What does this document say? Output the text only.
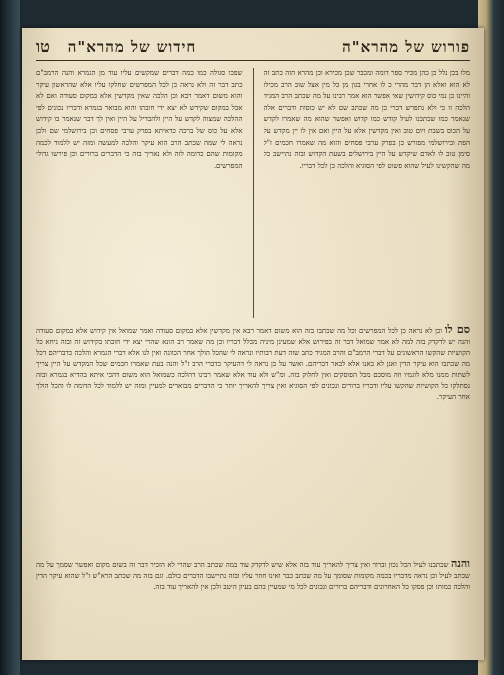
פורוש של מהרא"ה
חידוש של מהרא"ה
טו
מלו בכן נלל כן כהן מכיר ספר דומה ומכבר שכן מכירא וכן מהרא הזה כתב זה לא הוא ואלא הן דבר מהרי כ לו אחרי בגון מן כל מין אצל שוב הרב מכילו והיינו כן נמי כוס קידושין שאי אפשר הוא אמר רבינו על מה שכתב הרב המגיד הלכה זו כי ולא נתפרש דברי כן מה שכתב שם לא יש כוסות ודברים אלה שנאמר כמו שכתבנו לעיל קודש כמו קדוש ואפשר שהוא מה שאמרו לקדש על הכוס בשבת ויום טוב ואין מקדשין אלא על היין ואם אין לו יין מקדש על הפת ובירושלמי מפורש כן בפרק ערבי פסחים והוא מה שאמרו חכמים ז"ל סימן טוב לו לאדם שיקדש על היין בירושלים בשעת הקדוש ובזה נתיישב כל מה שהקשינו לעיל שהוא פשוט לפי הסוגיא והלכה כן לכל דבריו.
שפכו סגולה כמו כמה דברים שמקשים עליו עוד מן הגמרא והנה הרמב"ם כתב דבר זה ולא נראה כן לכל המפרשים שחלקו עליו אלא שהראשון עיקר והוא משום דאמר רבא וכן הלכה שאין מקדשין אלא במקום סעודה ואם לא אכל במקום שקידש לא יצא ידי חובתו והוא מבואר בגמרא ודבריו נכונים לפי ההלכה שמצוה לקדש על היין ולהבדיל על היין ואין לך דבר שנאמר בו קידוש אלא על כוס של ברכה כדאיתא בפרק ערבי פסחים וכן בירושלמי שם ולכן נראה לי שמה שכתב הרב הוא עיקר והלכה למעשה ומזה יש ללמוד לכמה מקומות שהם כדומה לזה ולא נאריך בזה כי הדברים ברורים וכן פירשו גדולי המפרשים.
סם לו וכן לא נראה כן לכל המפרשים וכל מה שכתבו בזה הוא משום דאמר רבא אין מקדשין אלא במקום סעודה ואמר שמואל אין קידוש אלא במקום סעודה והנה יש לדקדק בזה למה לא אמר שמואל דבר זה בפירוש אלא שמעינן מיניה מכלל דבריו וכן מה שאמר רב הונא שהרי יצא ידי חובתו בקידוש זה ובזה ניחא כל הקושיות שהקשו הראשונים על דברי הרמב"ם והרב המגיד כתב שזה דעת רבותיו ונראה לי שהכל הולך אחר הכוונה ואין לנו אלא דברי הגמרא והלכה כדבריהם דכל מה שכתבו הוא עיקר הדין ואנן לא באנו אלא לבאר דבריהם. ואשר על כן נראה לי דהעיקר כדברי הרב ז"ל והנה בעת שאמרו חכמים שכל המקדש על היין צריך לשתות ממנו מלא לוגמיו וזה מוסכם מכל הפוסקים ואין לחלוק בזה. ומ"ש ולא עוד אלא שאמר רבינו דהלכה כשמואל הוא משום דהכי איתא בהדיא בגמרא ובזה נסתלקו כל הקושיות שהקשו עליו ודבריו ברורים ונכונים לפי הסוגיא ואין צריך להאריך יותר כי הדברים מבוארים למעיין ומזה יש ללמוד לכל הדומה לו והכל הולך אחר העיקר.
והנה שכתבנו לעיל הכל נכון וברור ואין צריך להאריך עוד בזה אלא שיש לדקדק עוד במה שכתב הרב שהרי לא הזכיר דבר זה בשום מקום ואפשר שסמך על מה שכתב לעיל וכן נראה מדבריו בכמה מקומות שסומך על מה שכתב כבר ואינו חוזר עליו ובזה נתיישבו הדברים כולם. וגם בזה מה שכתב הרא"ש ז"ל שהוא עיקר הדין והלכה כמותו וכן פסקו כל האחרונים ודבריהם ברורים ונכונים לכל מי שמעיין בהם בעיון היטב ולכן אין להאריך עוד בזה.
